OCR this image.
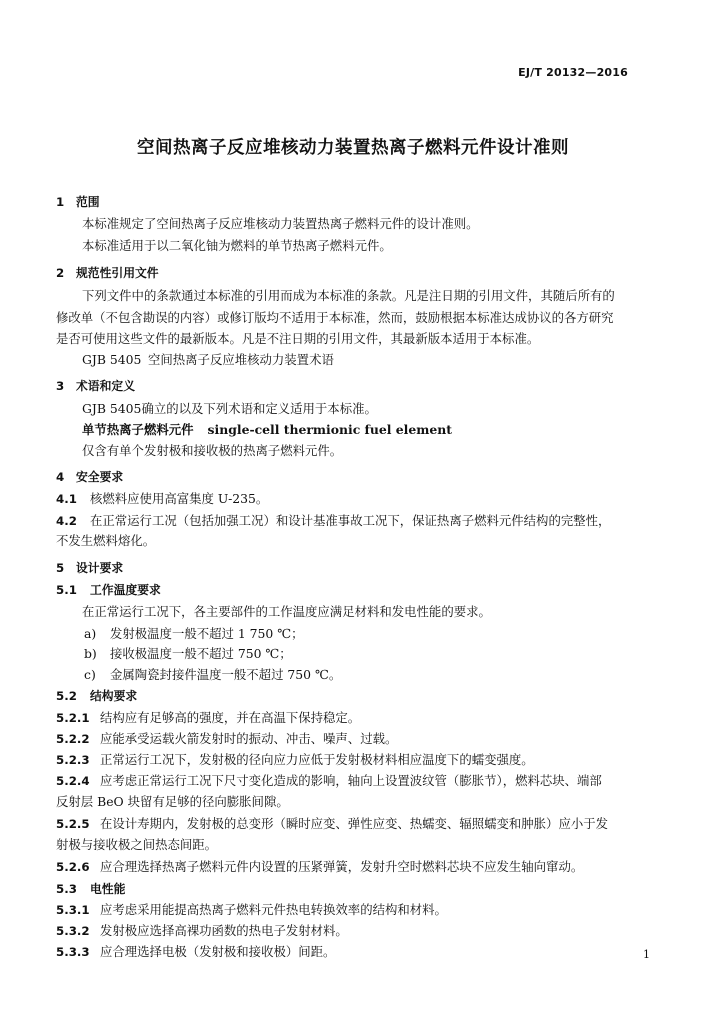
EJ/T 20132—2016
空间热离子反应堆核动力装置热离子燃料元件设计准则
1 范围
本标准规定了空间热离子反应堆核动力装置热离子燃料元件的设计准则。
本标准适用于以二氧化铀为燃料的单节热离子燃料元件。
2 规范性引用文件
下列文件中的条款通过本标准的引用而成为本标准的条款。凡是注日期的引用文件，其随后所有的
修改单（不包含勘误的内容）或修订版均不适用于本标准，然而，鼓励根据本标准达成协议的各方研究
是否可使用这些文件的最新版本。凡是不注日期的引用文件，其最新版本适用于本标准。
GJB 5405 空间热离子反应堆核动力装置术语
3 术语和定义
GJB 5405确立的以及下列术语和定义适用于本标准。
单节热离子燃料元件 single-cell thermionic fuel element
仅含有单个发射极和接收极的热离子燃料元件。
4 安全要求
4.1 核燃料应使用高富集度 U-235。
4.2 在正常运行工况（包括加强工况）和设计基准事故工况下，保证热离子燃料元件结构的完整性，
不发生燃料熔化。
5 设计要求
5.1 工作温度要求
在正常运行工况下，各主要部件的工作温度应满足材料和发电性能的要求。
a) 发射极温度一般不超过 1 750 ℃；
b) 接收极温度一般不超过 750 ℃；
c) 金属陶瓷封接件温度一般不超过 750 ℃。
5.2 结构要求
5.2.1 结构应有足够高的强度，并在高温下保持稳定。
5.2.2 应能承受运载火箭发射时的振动、冲击、噪声、过载。
5.2.3 正常运行工况下，发射极的径向应力应低于发射极材料相应温度下的蠕变强度。
5.2.4 应考虑正常运行工况下尺寸变化造成的影响，轴向上设置波纹管（膨胀节），燃料芯块、端部
反射层 BeO 块留有足够的径向膨胀间隙。
5.2.5 在设计寿期内，发射极的总变形（瞬时应变、弹性应变、热蠕变、辐照蠕变和肿胀）应小于发
射极与接收极之间热态间距。
5.2.6 应合理选择热离子燃料元件内设置的压紧弹簧，发射升空时燃料芯块不应发生轴向窜动。
5.3 电性能
5.3.1 应考虑采用能提高热离子燃料元件热电转换效率的结构和材料。
5.3.2 发射极应选择高裸功函数的热电子发射材料。
5.3.3 应合理选择电极（发射极和接收极）间距。	1
